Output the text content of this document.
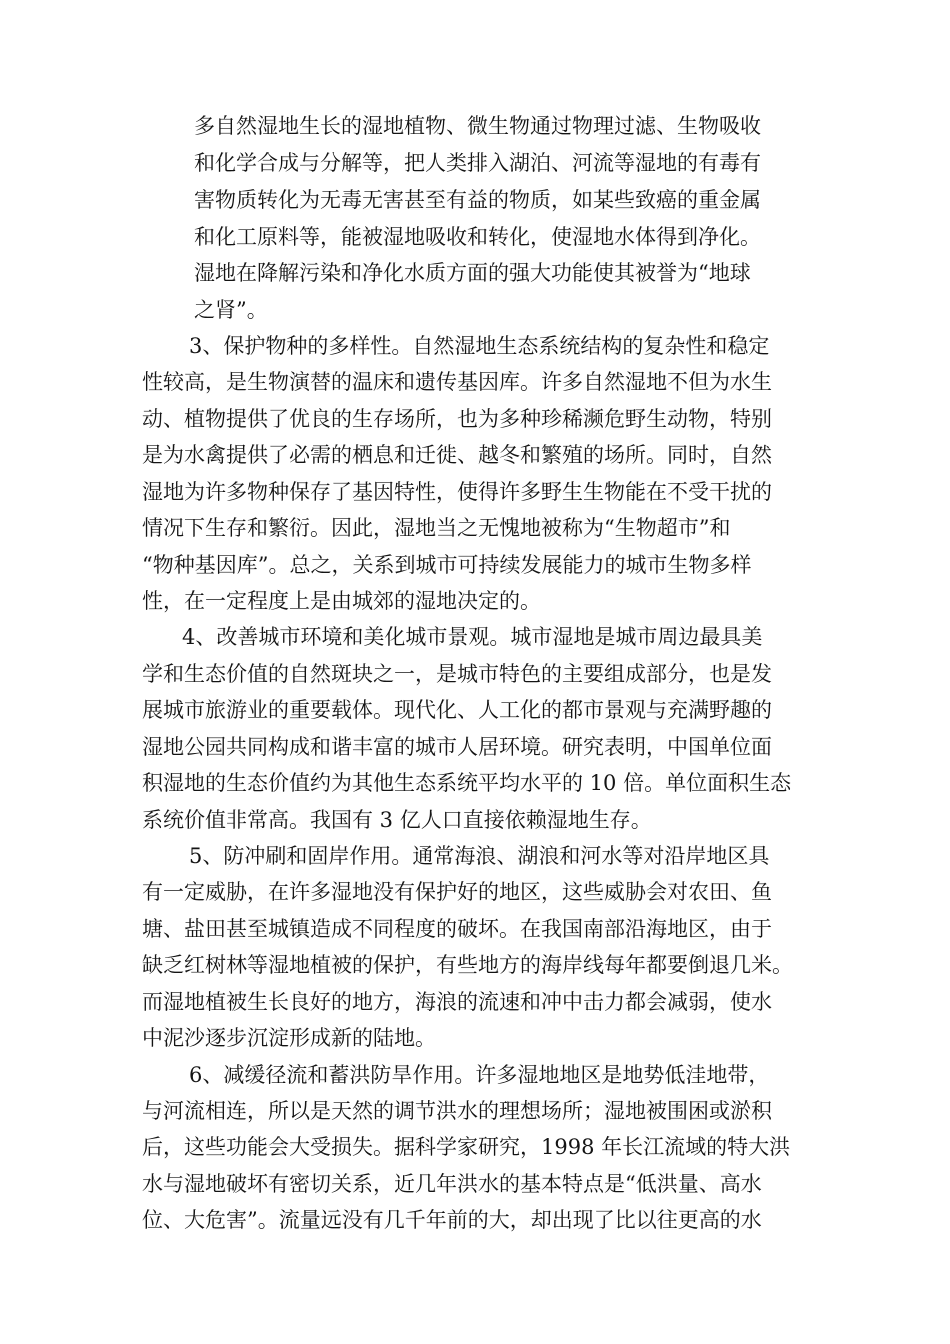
多自然湿地生长的湿地植物、微生物通过物理过滤、生物吸收

和化学合成与分解等，把人类排入湖泊、河流等湿地的有毒有

害物质转化为无毒无害甚至有益的物质，如某些致癌的重金属

和化工原料等，能被湿地吸收和转化，使湿地水体得到净化。

湿地在降解污染和净化水质方面的强大功能使其被誉为“地球

之肾”。

3、保护物种的多样性。自然湿地生态系统结构的复杂性和稳定

性较高，是生物演替的温床和遗传基因库。许多自然湿地不但为水生

动、植物提供了优良的生存场所，也为多种珍稀濒危野生动物，特别

是为水禽提供了必需的栖息和迁徙、越冬和繁殖的场所。同时，自然

湿地为许多物种保存了基因特性，使得许多野生生物能在不受干扰的

情况下生存和繁衍。因此，湿地当之无愧地被称为“生物超市”和

“物种基因库”。总之，关系到城市可持续发展能力的城市生物多样

性，在一定程度上是由城郊的湿地决定的。

4、改善城市环境和美化城市景观。城市湿地是城市周边最具美

学和生态价值的自然斑块之一，是城市特色的主要组成部分，也是发

展城市旅游业的重要载体。现代化、人工化的都市景观与充满野趣的

湿地公园共同构成和谐丰富的城市人居环境。研究表明，中国单位面

积湿地的生态价值约为其他生态系统平均水平的 10 倍。单位面积生态

系统价值非常高。我国有 3 亿人口直接依赖湿地生存。

5、防冲刷和固岸作用。通常海浪、湖浪和河水等对沿岸地区具

有一定威胁，在许多湿地没有保护好的地区，这些威胁会对农田、鱼

塘、盐田甚至城镇造成不同程度的破坏。在我国南部沿海地区，由于

缺乏红树林等湿地植被的保护，有些地方的海岸线每年都要倒退几米。

而湿地植被生长良好的地方，海浪的流速和冲中击力都会减弱，使水

中泥沙逐步沉淀形成新的陆地。

6、减缓径流和蓄洪防旱作用。许多湿地地区是地势低洼地带，

与河流相连，所以是天然的调节洪水的理想场所；湿地被围困或淤积

后，这些功能会大受损失。据科学家研究，1998 年长江流域的特大洪

水与湿地破坏有密切关系，近几年洪水的基本特点是“低洪量、高水

位、大危害”。流量远没有几千年前的大，却出现了比以往更高的水
